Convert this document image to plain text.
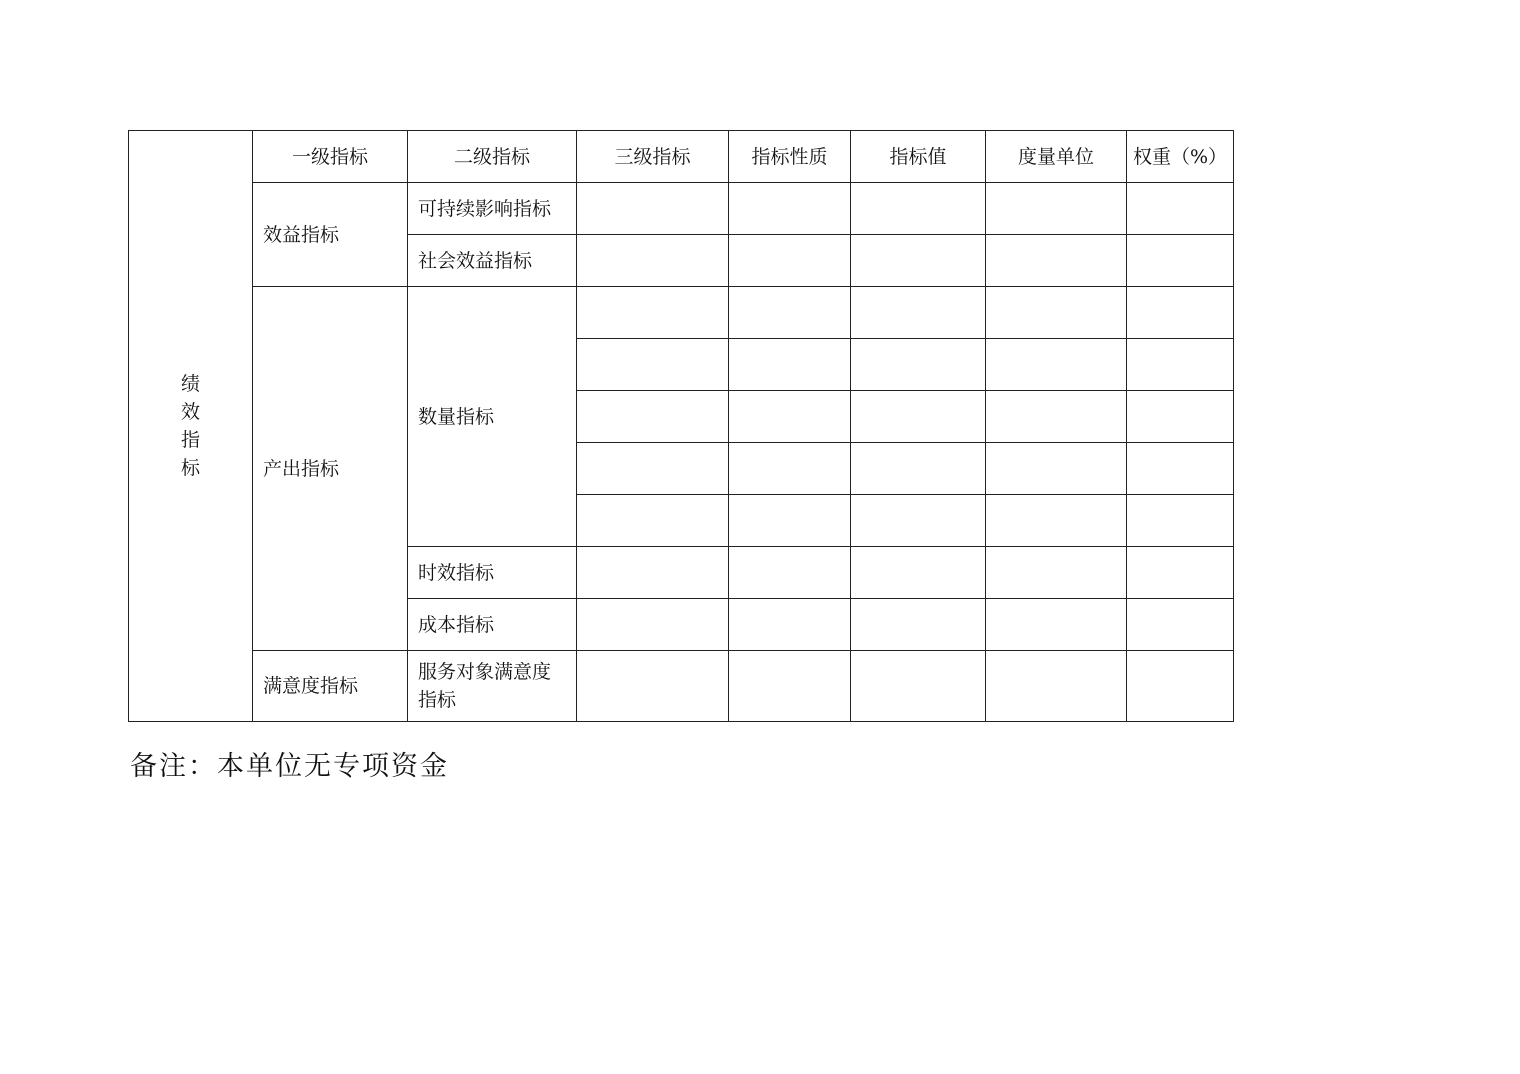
绩效指标	一级指标	二级指标	三级指标	指标性质	指标值	度量单位	权重（%）
	效益指标	可持续影响指标					
		社会效益指标					
	产出指标	数量指标					

		时效指标					
		成本指标					
	满意度指标	服务对象满意度指标					
备注：本单位无专项资金
